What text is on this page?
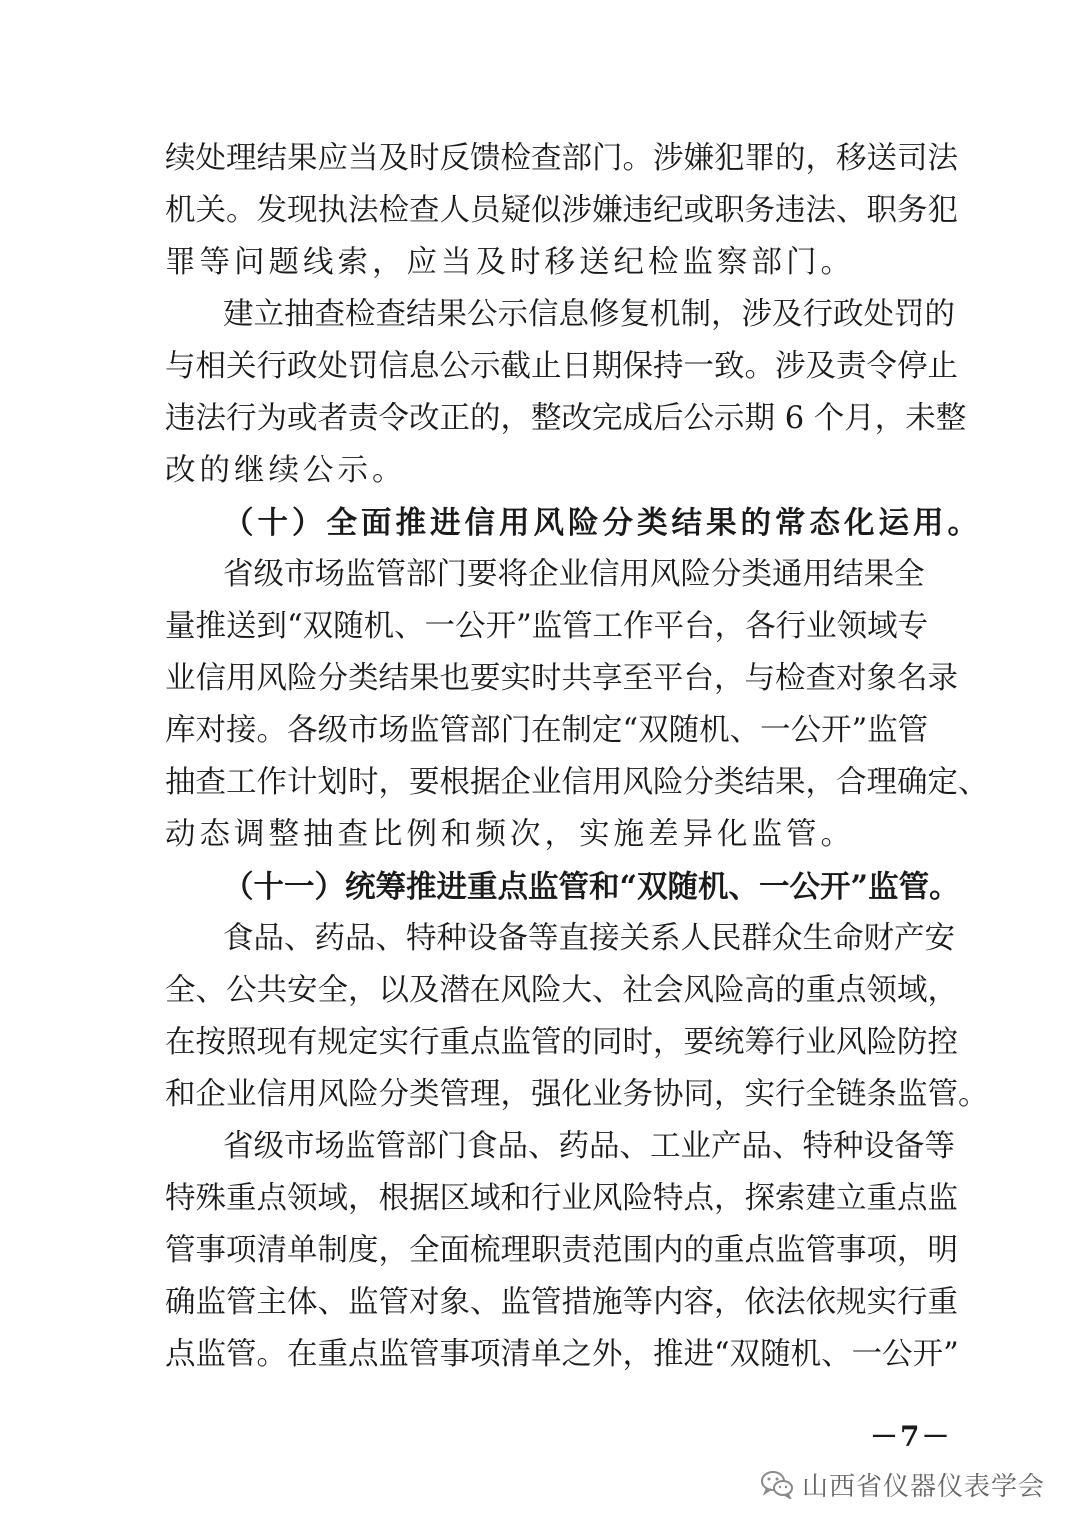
续处理结果应当及时反馈检查部门。涉嫌犯罪的，移送司法
机关。发现执法检查人员疑似涉嫌违纪或职务违法、职务犯
罪等问题线索，应当及时移送纪检监察部门。
建立抽查检查结果公示信息修复机制，涉及行政处罚的
与相关行政处罚信息公示截止日期保持一致。涉及责令停止
违法行为或者责令改正的，整改完成后公示期 6 个月，未整
改的继续公示。
（十）全面推进信用风险分类结果的常态化运用。
省级市场监管部门要将企业信用风险分类通用结果全
量推送到“双随机、一公开”监管工作平台，各行业领域专
业信用风险分类结果也要实时共享至平台，与检查对象名录
库对接。各级市场监管部门在制定“双随机、一公开”监管
抽查工作计划时，要根据企业信用风险分类结果，合理确定、
动态调整抽查比例和频次，实施差异化监管。
（十一）统筹推进重点监管和“双随机、一公开”监管。
食品、药品、特种设备等直接关系人民群众生命财产安
全、公共安全，以及潜在风险大、社会风险高的重点领域，
在按照现有规定实行重点监管的同时，要统筹行业风险防控
和企业信用风险分类管理，强化业务协同，实行全链条监管。
省级市场监管部门食品、药品、工业产品、特种设备等
特殊重点领域，根据区域和行业风险特点，探索建立重点监
管事项清单制度，全面梳理职责范围内的重点监管事项，明
确监管主体、监管对象、监管措施等内容，依法依规实行重
点监管。在重点监管事项清单之外，推进“双随机、一公开”
－7－
山西省仪器仪表学会
